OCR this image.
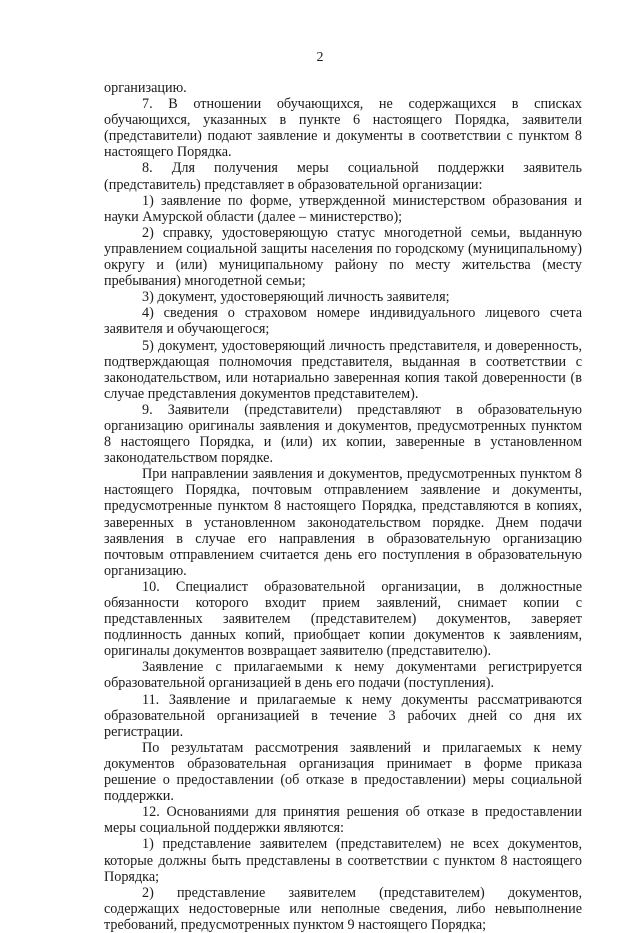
2

организацию.

7. В отношении обучающихся, не содержащихся в списках обучающихся, указанных в пункте 6 настоящего Порядка, заявители (представители) подают заявление и документы в соответствии с пунктом 8 настоящего Порядка.

8. Для получения меры социальной поддержки заявитель (представитель) представляет в образовательной организации:

1) заявление по форме, утвержденной министерством образования и науки Амурской области (далее – министерство);

2) справку, удостоверяющую статус многодетной семьи, выданную управлением социальной защиты населения по городскому (муниципальному) округу и (или) муниципальному району по месту жительства (месту пребывания) многодетной семьи;

3) документ, удостоверяющий личность заявителя;

4) сведения о страховом номере индивидуального лицевого счета заявителя и обучающегося;

5) документ, удостоверяющий личность представителя, и доверенность, подтверждающая полномочия представителя, выданная в соответствии с законодательством, или нотариально заверенная копия такой доверенности (в случае представления документов представителем).

9. Заявители (представители) представляют в образовательную организацию оригиналы заявления и документов, предусмотренных пунктом 8 настоящего Порядка, и (или) их копии, заверенные в установленном законодательством порядке.

При направлении заявления и документов, предусмотренных пунктом 8 настоящего Порядка, почтовым отправлением заявление и документы, предусмотренные пунктом 8 настоящего Порядка, представляются в копиях, заверенных в установленном законодательством порядке. Днем подачи заявления в случае его направления в образовательную организацию почтовым отправлением считается день его поступления в образовательную организацию.

10. Специалист образовательной организации, в должностные обязанности которого входит прием заявлений, снимает копии с представленных заявителем (представителем) документов, заверяет подлинность данных копий, приобщает копии документов к заявлениям, оригиналы документов возвращает заявителю (представителю).

Заявление с прилагаемыми к нему документами регистрируется образовательной организацией в день его подачи (поступления).

11. Заявление и прилагаемые к нему документы рассматриваются образовательной организацией в течение 3 рабочих дней со дня их регистрации.

По результатам рассмотрения заявлений и прилагаемых к нему документов образовательная организация принимает в форме приказа решение о предоставлении (об отказе в предоставлении) меры социальной поддержки.

12. Основаниями для принятия решения об отказе в предоставлении меры социальной поддержки являются:

1) представление заявителем (представителем) не всех документов, которые должны быть представлены в соответствии с пунктом 8 настоящего Порядка;

2) представление заявителем (представителем) документов, содержащих недостоверные или неполные сведения, либо невыполнение требований, предусмотренных пунктом 9 настоящего Порядка;
